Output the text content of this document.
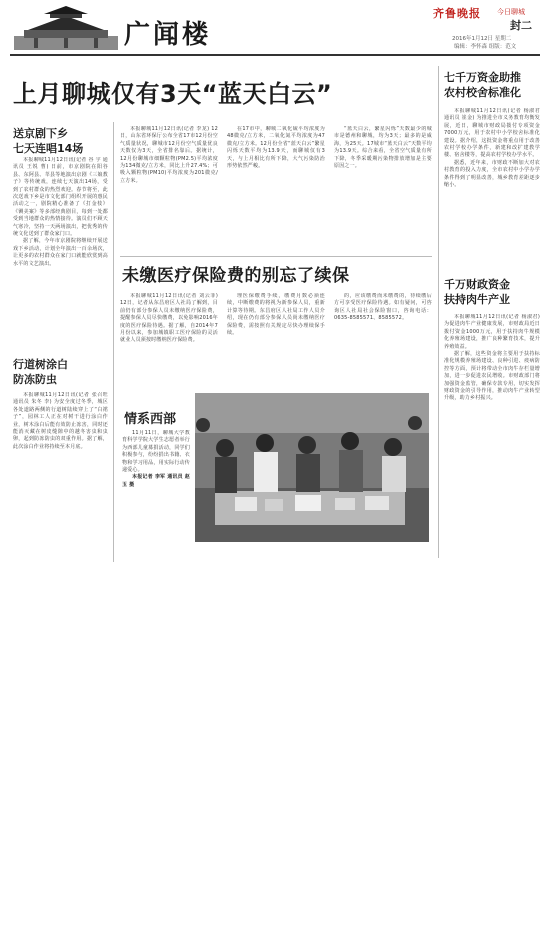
广闻楼
齐鲁晚报 今日聊城
封二
2016年1月12日 星期二
编辑：李怀森 组版：范文
上月聊城仅有3天“蓝天白云”
送京剧下乡
七天连唱14场

本报聊城11月12日讯(记者 谷 宇 通讯员 王锐 曹) 日前，市京剧院在阳谷县、东阿县、莘县等地演出京剧《三娘教子》等传统戏，连续七天演出14场，受到了农村群众的热烈欢迎。春节将至，此次送戏下乡是市文化部门组织开展的惠民活动之一，剧院精心准备了《打金枝》《铡美案》等多部经典剧目，每到一处都受到当地群众的热情接待。演员们不顾天气寒冷，坚持一天两场演出，把优秀的传统文化送到了群众家门口。

据了解，今年市京剧院将继续开展送戏下乡活动，计划全年演出一百余场次，让更多的农村群众在家门口就能欣赏到高水平的文艺演出。

行道树涂白
防冻防虫

本报聊城11月12日讯(记者 张召旺 通讯员 朱冬 李) 为安全度过冬季，城区各处道路两侧的行道树陆续穿上了“白裙子”，园林工人正在对树干进行涂白作业，树木涂白后能有效防止冻害，同时还能消灭藏在树皮缝隙中的越冬害虫和虫卵，起到防冻防虫的双重作用。据了解，此次涂白作业将持续至本月底。

本报聊城11月12日讯(记者 李龙) 12日，山东省环保厅公布全省17市12月份空气质量状况，聊城市12月份空气质量优良天数仅为3天，全省排名靠后。据统计，12月份聊城市细颗粒物(PM2.5)平均浓度为134微克/立方米，同比上升27.4%；可吸入颗粒物(PM10)平均浓度为201微克/立方米。

在17市中，聊城二氧化硫平均浓度为48微克/立方米，二氧化氮平均浓度为47微克/立方米。12月份全省“蓝天白云”繁星闪烁天数平均为13.9天，而聊城仅有3天，与上月相比有所下降，大气污染防治形势依然严峻。

“蓝天白云，繁星闪烁”天数最少的城市是德州和聊城，均为3天；最多的是威海，为25天。17城市“蓝天白云”天数平均为13.9天。综合来看，全省空气质量有所下降，冬季采暖期污染物排放增加是主要原因之一。

未缴医疗保险费的别忘了续保

本报聊城11月12日讯(记者 刘云菲) 12日，记者从东昌府区人社局了解到，目前仍有部分参保人员未缴纳医疗保险费，提醒参保人员尽快缴费，以免影响2016年度的医疗保险待遇。据了解，自2014年7月份以来，参加城镇职工医疗保险的灵活就业人员须按时缴纳医疗保险费。

理医保缴费手续，缴费月数必须连续，中断缴费的将视为新参保人员，重新计算等待期。东昌府区人社局工作人员介绍，现在仍有部分参保人员尚未缴纳医疗保险费，需按照有关规定尽快办理续保手续。

的，应该缴费而未缴费的，待续缴后方可享受医疗保险待遇。如有疑问，可咨询区人社局社会保险窗口，咨询电话：0635-8585571、8585572。

情系西部

11月11日，聊城大学教育科学学院大学生志愿者举行为西部儿童募捐活动，同学们积极参与，纷纷捐出书籍、衣物和学习用品，用实际行动传递爱心。

本报记者 李军 通讯员 赵玉 摄

七千万资金助推
农村校舍标准化

本报聊城11月12日讯(记者 杨淑君 通讯员 崔金) 为推进全市义务教育均衡发展，近日，聊城市财政局拨付专项资金7000万元，用于农村中小学校舍标准化建设。据介绍，这批资金将重点用于改善农村学校办学条件，新建和改扩建教学楼、宿舍楼等，提高农村学校办学水平。

据悉，近年来，市财政不断加大对农村教育的投入力度，全市农村中小学办学条件得到了明显改善，城乡教育差距逐步缩小。

千万财政资金
扶持肉牛产业

本报聊城11月12日讯(记者 杨淑君) 为促进肉牛产业健康发展，市财政局近日拨付资金1000万元，用于扶持肉牛规模化养殖场建设，推广良种繁育技术，提升养殖效益。

据了解，这些资金将主要用于扶持标准化规模养殖场建设、良种引进、疫病防控等方面，预计将带动全市肉牛存栏量增加，进一步促进农民增收。市财政部门将加强资金监管，确保专款专用，切实发挥财政资金的引导作用，推动肉牛产业转型升级，助力乡村振兴。
